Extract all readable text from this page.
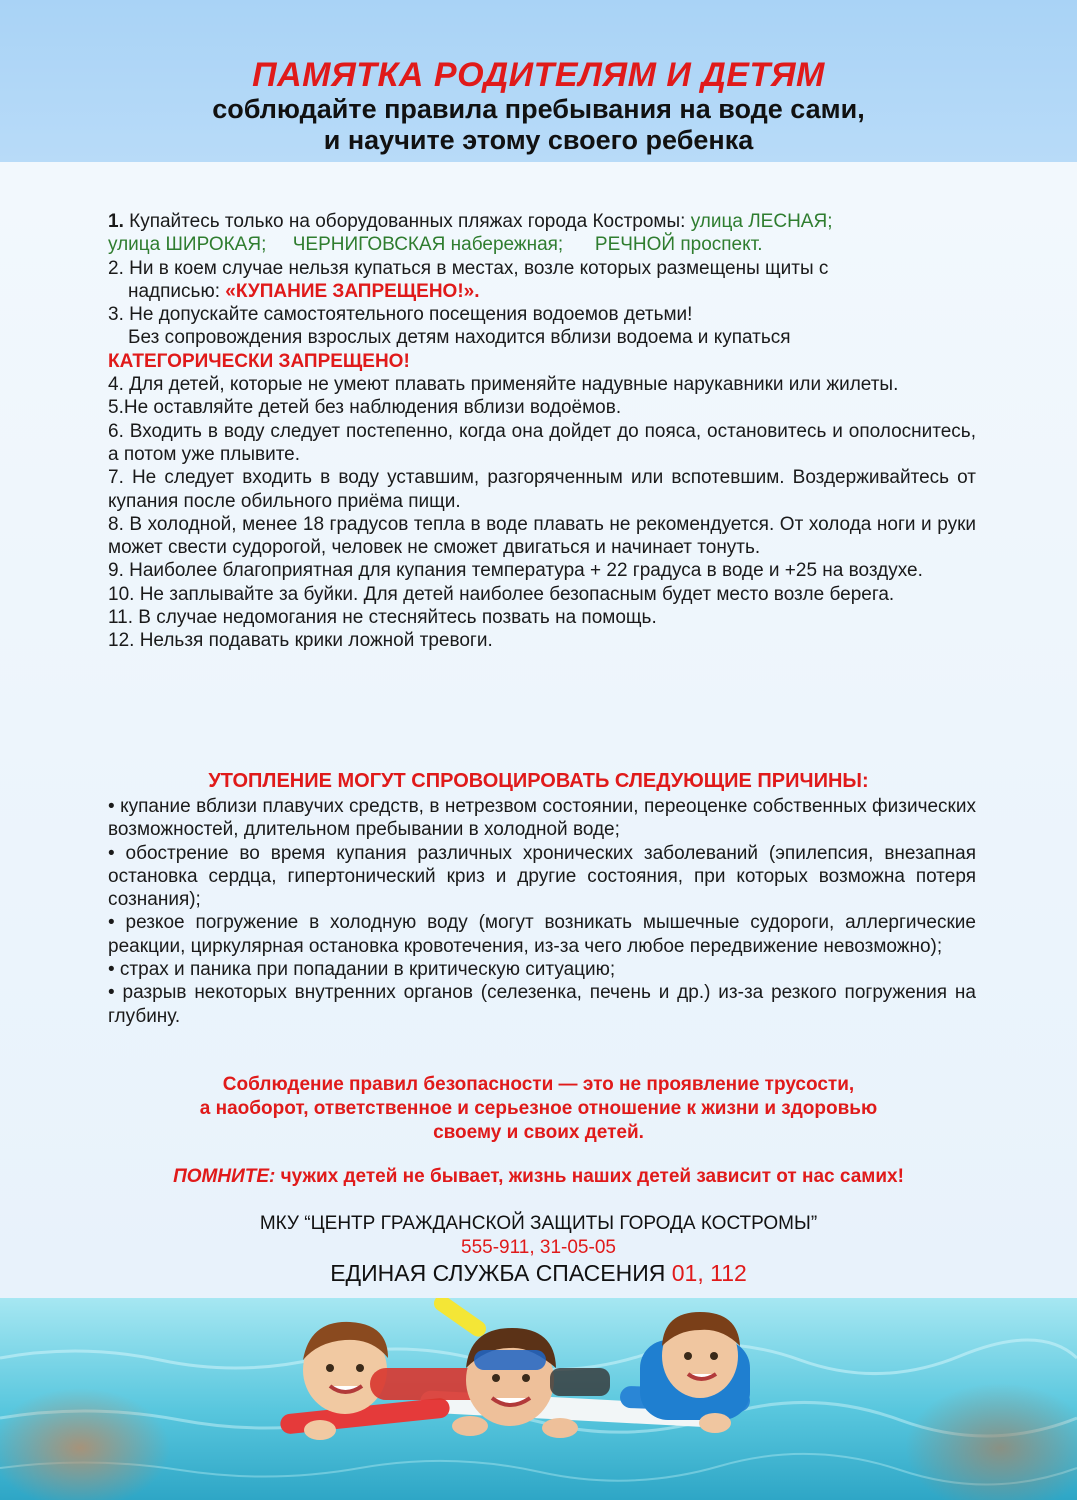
ПАМЯТКА РОДИТЕЛЯМ И ДЕТЯМ
соблюдайте правила пребывания на воде сами,
и научите этому своего ребенка

1. Купайтесь только на оборудованных пляжах города Костромы: улица ЛЕСНАЯ;
улица ШИРОКАЯ; ЧЕРНИГОВСКАЯ набережная; РЕЧНОЙ проспект.

2. Ни в коем случае нельзя купаться в местах, возле которых размещены щиты с

надписью: «КУПАНИЕ ЗАПРЕЩЕНО!».

3. Не допускайте самостоятельного посещения водоемов детьми!

Без сопровождения взрослых детям находится вблизи водоема и купаться

КАТЕГОРИЧЕСКИ ЗАПРЕЩЕНО!

4. Для детей, которые не умеют плавать применяйте надувные нарукавники или жилеты.

5.Не оставляйте детей без наблюдения вблизи водоёмов.

6. Входить в воду следует постепенно, когда она дойдет до пояса, остановитесь и ополоснитесь, а потом уже плывите.

7. Не следует входить в воду уставшим, разгоряченным или вспотевшим. Воздерживайтесь от купания после обильного приёма пищи.

8. В холодной, менее 18 градусов тепла в воде плавать не рекомендуется. От холода ноги и руки может свести судорогой, человек не сможет двигаться и начинает тонуть.

9. Наиболее благоприятная для купания температура + 22 градуса в воде и +25 на воздухе.

10. Не заплывайте за буйки. Для детей наиболее безопасным будет место возле берега.

11. В случае недомогания не стесняйтесь позвать на помощь.

12. Нельзя подавать крики ложной тревоги.

УТОПЛЕНИЕ МОГУТ СПРОВОЦИРОВАТЬ СЛЕДУЮЩИЕ ПРИЧИНЫ:

• купание вблизи плавучих средств, в нетрезвом состоянии, переоценке собственных физических возможностей, длительном пребывании в холодной воде;

• обострение во время купания различных хронических заболеваний (эпилепсия, внезапная остановка сердца, гипертонический криз и другие состояния, при которых возможна потеря сознания);

• резкое погружение в холодную воду (могут возникать мышечные судороги, аллергические реакции, циркулярная остановка кровотечения, из-за чего любое передвижение невозможно);

• страх и паника при попадании в критическую ситуацию;

• разрыв некоторых внутренних органов (селезенка, печень и др.) из-за резкого погружения на глубину.

Соблюдение правил безопасности — это не проявление трусости,
а наоборот, ответственное и серьезное отношение к жизни и здоровью
своему и своих детей.
ПОМНИТЕ: чужих детей не бывает, жизнь наших детей зависит от нас самих!
МКУ “ЦЕНТР ГРАЖДАНСКОЙ ЗАЩИТЫ ГОРОДА КОСТРОМЫ”
555-911, 31-05-05
ЕДИНАЯ СЛУЖБА СПАСЕНИЯ 01, 112
